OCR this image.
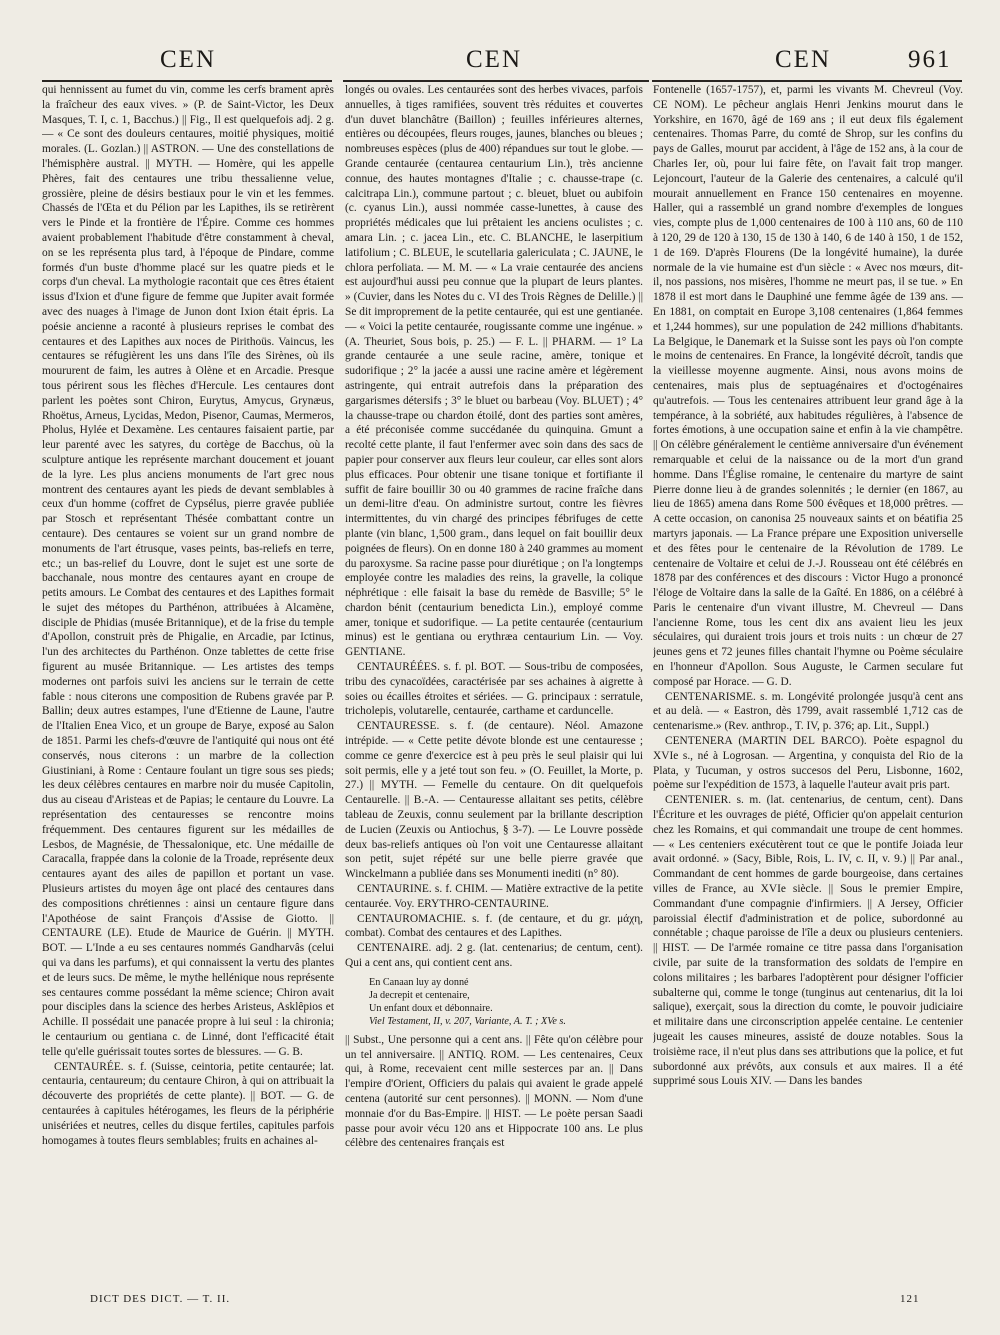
CEN	CEN	CEN	961

qui hennissent au fumet du vin, comme les cerfs brament après la fraîcheur des eaux vives. » (P. de Saint-Victor, les Deux Masques, T. I, c. 1, Bacchus.) || Fig., Il est quelquefois adj. 2 g. — « Ce sont des douleurs centaures, moitié physiques, moitié morales. (L. Gozlan.) || ASTRON. — Une des constellations de l'hémisphère austral. || MYTH. — Homère, qui les appelle Phères, fait des centaures une tribu thessalienne velue, grossière, pleine de désirs bestiaux pour le vin et les femmes. Chassés de l'Œta et du Pélion par les Lapithes, ils se retirèrent vers le Pinde et la frontière de l'Épire. Comme ces hommes avaient probablement l'habitude d'être constamment à cheval, on se les représenta plus tard, à l'époque de Pindare, comme formés d'un buste d'homme placé sur les quatre pieds et le corps d'un cheval. La mythologie racontait que ces êtres étaient issus d'Ixion et d'une figure de femme que Jupiter avait formée avec des nuages à l'image de Junon dont Ixion était épris. La poésie ancienne a raconté à plusieurs reprises le combat des centaures et des Lapithes aux noces de Pirithoüs. Vaincus, les centaures se réfugièrent les uns dans l'île des Sirènes, où ils moururent de faim, les autres à Olène et en Arcadie. Presque tous périrent sous les flèches d'Hercule. Les centaures dont parlent les poètes sont Chiron, Eurytus, Amycus, Grynæus, Rhoëtus, Arneus, Lycidas, Medon, Pisenor, Caumas, Mermeros, Pholus, Hylée et Dexamène. Les centaures faisaient partie, par leur parenté avec les satyres, du cortège de Bacchus, où la sculpture antique les représente marchant doucement et jouant de la lyre. Les plus anciens monuments de l'art grec nous montrent des centaures ayant les pieds de devant semblables à ceux d'un homme (coffret de Cypsélus, pierre gravée publiée par Stosch et représentant Thésée combattant contre un centaure). Des centaures se voient sur un grand nombre de monuments de l'art étrusque, vases peints, bas-reliefs en terre, etc.; un bas-relief du Louvre, dont le sujet est une sorte de bacchanale, nous montre des centaures ayant en croupe de petits amours. Le Combat des centaures et des Lapithes formait le sujet des métopes du Parthénon, attribuées à Alcamène, disciple de Phidias (musée Britannique), et de la frise du temple d'Apollon, construit près de Phigalie, en Arcadie, par Ictinus, l'un des architectes du Parthénon. Onze tablettes de cette frise figurent au musée Britannique. — Les artistes des temps modernes ont parfois suivi les anciens sur le terrain de cette fable : nous citerons une composition de Rubens gravée par P. Ballin; deux autres estampes, l'une d'Etienne de Laune, l'autre de l'Italien Enea Vico, et un groupe de Barye, exposé au Salon de 1851. Parmi les chefs-d'œuvre de l'antiquité qui nous ont été conservés, nous citerons : un marbre de la collection Giustiniani, à Rome : Centaure foulant un tigre sous ses pieds; les deux célèbres centaures en marbre noir du musée Capitolin, dus au ciseau d'Aristeas et de Papias; le centaure du Louvre. La représentation des centauresses se rencontre moins fréquemment. Des centaures figurent sur les médailles de Lesbos, de Magnésie, de Thessalonique, etc. Une médaille de Caracalla, frappée dans la colonie de la Troade, représente deux centaures ayant des ailes de papillon et portant un vase. Plusieurs artistes du moyen âge ont placé des centaures dans des compositions chrétiennes : ainsi un centaure figure dans l'Apothéose de saint François d'Assise de Giotto. || CENTAURE (LE). Etude de Maurice de Guérin. || MYTH. BOT. — L'Inde a eu ses centaures nommés Gandharvâs (celui qui va dans les parfums), et qui connaissent la vertu des plantes et de leurs sucs. De même, le mythe hellénique nous représente ses centaures comme possédant la même science; Chiron avait pour disciples dans la science des herbes Aristeus, Asklêpios et Achille. Il possédait une panacée propre à lui seul : la chironia; le centaurium ou gentiana c. de Linné, dont l'efficacité était telle qu'elle guérissait toutes sortes de blessures. — G. B.

CENTAURÉE. s. f. (Suisse, ceintoria, petite centaurée; lat. centauria, centaureum; du centaure Chiron, à qui on attribuait la découverte des propriétés de cette plante). || BOT. — G. de centaurées à capitules hétérogames, les fleurs de la périphérie unisériées et neutres, celles du disque fertiles, capitules parfois homogames à toutes fleurs semblables; fruits en achaines al-

longés ou ovales. Les centaurées sont des herbes vivaces, parfois annuelles, à tiges ramifiées, souvent très réduites et couvertes d'un duvet blanchâtre (Baillon) ; feuilles inférieures alternes, entières ou découpées, fleurs rouges, jaunes, blanches ou bleues ; nombreuses espèces (plus de 400) répandues sur tout le globe. — Grande centaurée (centaurea centaurium Lin.), très ancienne connue, des hautes montagnes d'Italie ; c. chausse-trape (c. calcitrapa Lin.), commune partout ; c. bleuet, bluet ou aubifoin (c. cyanus Lin.), aussi nommée casse-lunettes, à cause des propriétés médicales que lui prêtaient les anciens oculistes ; c. amara Lin. ; c. jacea Lin., etc. C. BLANCHE, le laserpitium latifolium ; C. BLEUE, le scutellaria galericulata ; C. JAUNE, le chlora perfoliata. — M. M. — « La vraie centaurée des anciens est aujourd'hui aussi peu connue que la plupart de leurs plantes. » (Cuvier, dans les Notes du c. VI des Trois Règnes de Delille.) || Se dit improprement de la petite centaurée, qui est une gentianée. — « Voici la petite centaurée, rougissante comme une ingénue. » (A. Theuriet, Sous bois, p. 25.) — F. L. || PHARM. — 1° La grande centaurée a une seule racine, amère, tonique et sudorifique ; 2° la jacée a aussi une racine amère et légèrement astringente, qui entrait autrefois dans la préparation des gargarismes détersifs ; 3° le bluet ou barbeau (Voy. BLUET) ; 4° la chausse-trape ou chardon étoilé, dont des parties sont amères, a été préconisée comme succédanée du quinquina. Gmunt a recolté cette plante, il faut l'enfermer avec soin dans des sacs de papier pour conserver aux fleurs leur couleur, car elles sont alors plus efficaces. Pour obtenir une tisane tonique et fortifiante il suffit de faire bouillir 30 ou 40 grammes de racine fraîche dans un demi-litre d'eau. On administre surtout, contre les fièvres intermittentes, du vin chargé des principes fébrifuges de cette plante (vin blanc, 1,500 gram., dans lequel on fait bouillir deux poignées de fleurs). On en donne 180 à 240 grammes au moment du paroxysme. Sa racine passe pour diurétique ; on l'a longtemps employée contre les maladies des reins, la gravelle, la colique néphrétique : elle faisait la base du remède de Basville; 5° le chardon bénit (centaurium benedicta Lin.), employé comme amer, tonique et sudorifique. — La petite centaurée (centaurium minus) est le gentiana ou erythræa centaurium Lin. — Voy. GENTIANE.

CENTAURÉÉES. s. f. pl. BOT. — Sous-tribu de composées, tribu des cynacoïdées, caractérisée par ses achaines à aigrette à soies ou écailles étroites et sériées. — G. principaux : serratule, tricholepis, volutarelle, centaurée, carthame et carduncelle.

CENTAURESSE. s. f. (de centaure). Néol. Amazone intrépide. — « Cette petite dévote blonde est une centauresse ; comme ce genre d'exercice est à peu près le seul plaisir qui lui soit permis, elle y a jeté tout son feu. » (O. Feuillet, la Morte, p. 27.) || MYTH. — Femelle du centaure. On dit quelquefois Centaurelle. || B.-A. — Centauresse allaitant ses petits, célèbre tableau de Zeuxis, connu seulement par la brillante description de Lucien (Zeuxis ou Antiochus, § 3-7). — Le Louvre possède deux bas-reliefs antiques où l'on voit une Centauresse allaitant son petit, sujet répété sur une belle pierre gravée que Winckelmann a publiée dans ses Monumenti inediti (n° 80).

CENTAURINE. s. f. CHIM. — Matière extractive de la petite centaurée. Voy. ERYTHRO-CENTAURINE.

CENTAUROMACHIE. s. f. (de centaure, et du gr. μάχη, combat). Combat des centaures et des Lapithes.

CENTENAIRE. adj. 2 g. (lat. centenarius; de centum, cent). Qui a cent ans, qui contient cent ans.

En Canaan luy ay donné
Ja decrepit et centenaire,
Un enfant doux et débonnaire.
Viel Testament, II, v. 207, Variante, A. T. ; XVe s.

|| Subst., Une personne qui a cent ans. || Fête qu'on célèbre pour un tel anniversaire. || ANTIQ. ROM. — Les centenaires, Ceux qui, à Rome, recevaient cent mille sesterces par an. || Dans l'empire d'Orient, Officiers du palais qui avaient le grade appelé centena (autorité sur cent personnes). || MONN. — Nom d'une monnaie d'or du Bas-Empire. || HIST. — Le poète persan Saadi passe pour avoir vécu 120 ans et Hippocrate 100 ans. Le plus célèbre des centenaires français est

Fontenelle (1657-1757), et, parmi les vivants M. Chevreul (Voy. CE NOM). Le pêcheur anglais Henri Jenkins mourut dans le Yorkshire, en 1670, âgé de 169 ans ; il eut deux fils également centenaires. Thomas Parre, du comté de Shrop, sur les confins du pays de Galles, mourut par accident, à l'âge de 152 ans, à la cour de Charles Ier, où, pour lui faire fête, on l'avait fait trop manger. Lejoncourt, l'auteur de la Galerie des centenaires, a calculé qu'il mourait annuellement en France 150 centenaires en moyenne. Haller, qui a rassemblé un grand nombre d'exemples de longues vies, compte plus de 1,000 centenaires de 100 à 110 ans, 60 de 110 à 120, 29 de 120 à 130, 15 de 130 à 140, 6 de 140 à 150, 1 de 152, 1 de 169. D'après Flourens (De la longévité humaine), la durée normale de la vie humaine est d'un siècle : « Avec nos mœurs, dit-il, nos passions, nos misères, l'homme ne meurt pas, il se tue. » En 1878 il est mort dans le Dauphiné une femme âgée de 139 ans. — En 1881, on comptait en Europe 3,108 centenaires (1,864 femmes et 1,244 hommes), sur une population de 242 millions d'habitants. La Belgique, le Danemark et la Suisse sont les pays où l'on compte le moins de centenaires. En France, la longévité décroît, tandis que la vieillesse moyenne augmente. Ainsi, nous avons moins de centenaires, mais plus de septuagénaires et d'octogénaires qu'autrefois. — Tous les centenaires attribuent leur grand âge à la tempérance, à la sobriété, aux habitudes régulières, à l'absence de fortes émotions, à une occupation saine et enfin à la vie champêtre. || On célèbre généralement le centième anniversaire d'un événement remarquable et celui de la naissance ou de la mort d'un grand homme. Dans l'Église romaine, le centenaire du martyre de saint Pierre donne lieu à de grandes solennités ; le dernier (en 1867, au lieu de 1865) amena dans Rome 500 évêques et 18,000 prêtres. — A cette occasion, on canonisa 25 nouveaux saints et on béatifia 25 martyrs japonais. — La France prépare une Exposition universelle et des fêtes pour le centenaire de la Révolution de 1789. Le centenaire de Voltaire et celui de J.-J. Rousseau ont été célébrés en 1878 par des conférences et des discours : Victor Hugo a prononcé l'éloge de Voltaire dans la salle de la Gaîté. En 1886, on a célébré à Paris le centenaire d'un vivant illustre, M. Chevreul — Dans l'ancienne Rome, tous les cent dix ans avaient lieu les jeux séculaires, qui duraient trois jours et trois nuits : un chœur de 27 jeunes gens et 72 jeunes filles chantait l'hymne ou Poème séculaire en l'honneur d'Apollon. Sous Auguste, le Carmen seculare fut composé par Horace. — G. D.

CENTENARISME. s. m. Longévité prolongée jusqu'à cent ans et au delà. — « Eastron, dès 1799, avait rassemblé 1,712 cas de centenarisme.» (Rev. anthrop., T. IV, p. 376; ap. Lit., Suppl.)

CENTENERA (MARTIN DEL BARCO). Poète espagnol du XVIe s., né à Logrosan. — Argentina, y conquista del Rio de la Plata, y Tucuman, y ostros succesos del Peru, Lisbonne, 1602, poème sur l'expédition de 1573, à laquelle l'auteur avait pris part.

CENTENIER. s. m. (lat. centenarius, de centum, cent). Dans l'Écriture et les ouvrages de piété, Officier qu'on appelait centurion chez les Romains, et qui commandait une troupe de cent hommes. — « Les centeniers exécutèrent tout ce que le pontife Joiada leur avait ordonné. » (Sacy, Bible, Rois, L. IV, c. II, v. 9.) || Par anal., Commandant de cent hommes de garde bourgeoise, dans certaines villes de France, au XVIe siècle. || Sous le premier Empire, Commandant d'une compagnie d'infirmiers. || A Jersey, Officier paroissial électif d'administration et de police, subordonné au connétable ; chaque paroisse de l'île a deux ou plusieurs centeniers. || HIST. — De l'armée romaine ce titre passa dans l'organisation civile, par suite de la transformation des soldats de l'empire en colons militaires ; les barbares l'adoptèrent pour désigner l'officier subalterne qui, comme le tonge (tunginus aut centenarius, dit la loi salique), exerçait, sous la direction du comte, le pouvoir judiciaire et militaire dans une circonscription appelée centaine. Le centenier jugeait les causes mineures, assisté de douze notables. Sous la troisième race, il n'eut plus dans ses attributions que la police, et fut subordonné aux prévôts, aux consuls et aux maires. Il a été supprimé sous Louis XIV. — Dans les bandes

DICT DES DICT. — T. II.	121
